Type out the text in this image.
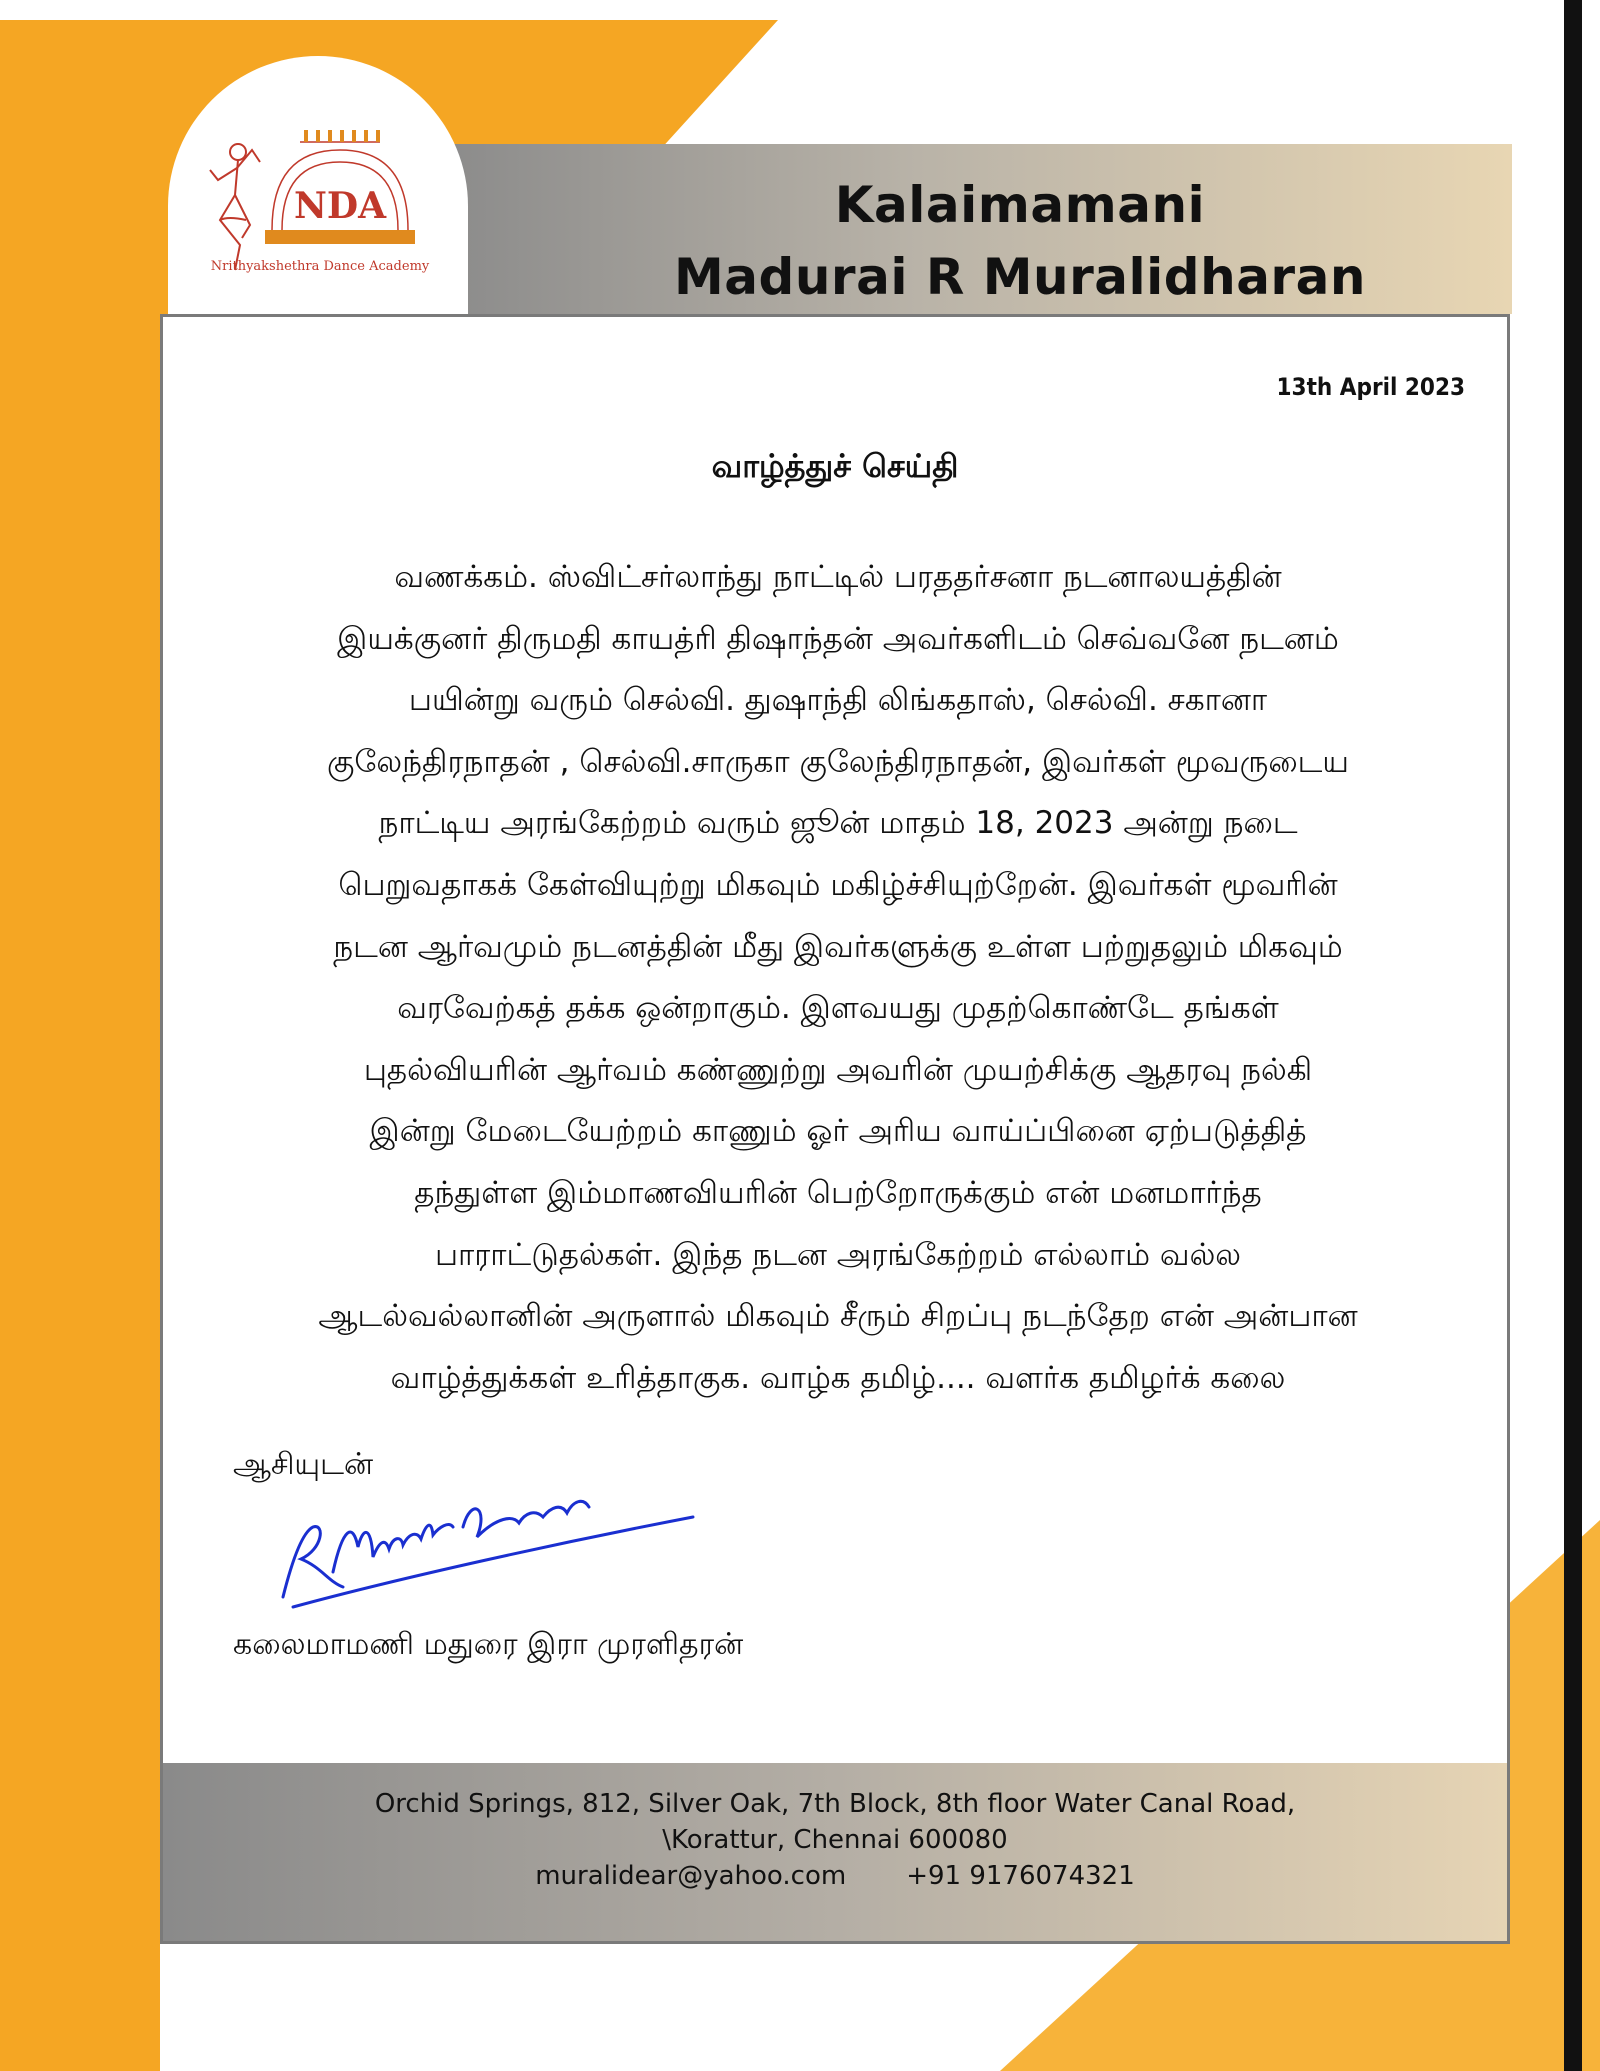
Kalaimamani
Madurai R Muralidharan
NDA
Nrithyakshethra Dance Academy
13th April 2023
வாழ்த்துச் செய்தி
வணக்கம். ஸ்விட்சர்லாந்து நாட்டில் பரததர்சனா நடனாலயத்தின்
இயக்குனர் திருமதி காயத்ரி திஷாந்தன் அவர்களிடம் செவ்வனே நடனம்
பயின்று வரும் செல்வி. துஷாந்தி லிங்கதாஸ், செல்வி. சகானா
குலேந்திரநாதன் , செல்வி.சாருகா குலேந்திரநாதன், இவர்கள் மூவருடைய
நாட்டிய அரங்கேற்றம் வரும் ஜூன் மாதம் 18, 2023 அன்று நடை
பெறுவதாகக் கேள்வியுற்று மிகவும் மகிழ்ச்சியுற்றேன். இவர்கள் மூவரின்
நடன ஆர்வமும் நடனத்தின் மீது இவர்களுக்கு உள்ள பற்றுதலும் மிகவும்
வரவேற்கத் தக்க ஒன்றாகும். இளவயது முதற்கொண்டே தங்கள்
புதல்வியரின் ஆர்வம் கண்ணுற்று அவரின் முயற்சிக்கு ஆதரவு நல்கி
இன்று மேடையேற்றம் காணும் ஓர் அரிய வாய்ப்பினை ஏற்படுத்தித்
தந்துள்ள இம்மாணவியரின் பெற்றோருக்கும் என் மனமார்ந்த
பாராட்டுதல்கள். இந்த நடன அரங்கேற்றம் எல்லாம் வல்ல
ஆடல்வல்லானின் அருளால் மிகவும் சீரும் சிறப்பு நடந்தேற என் அன்பான
வாழ்த்துக்கள் உரித்தாகுக. வாழ்க தமிழ்.... வளர்க தமிழர்க் கலை
ஆசியுடன்
கலைமாமணி மதுரை இரா முரளிதரன்
Orchid Springs, 812, Silver Oak, 7th Block, 8th floor Water Canal Road,
\Korattur, Chennai 600080
muralidear@yahoo.com +91 9176074321
